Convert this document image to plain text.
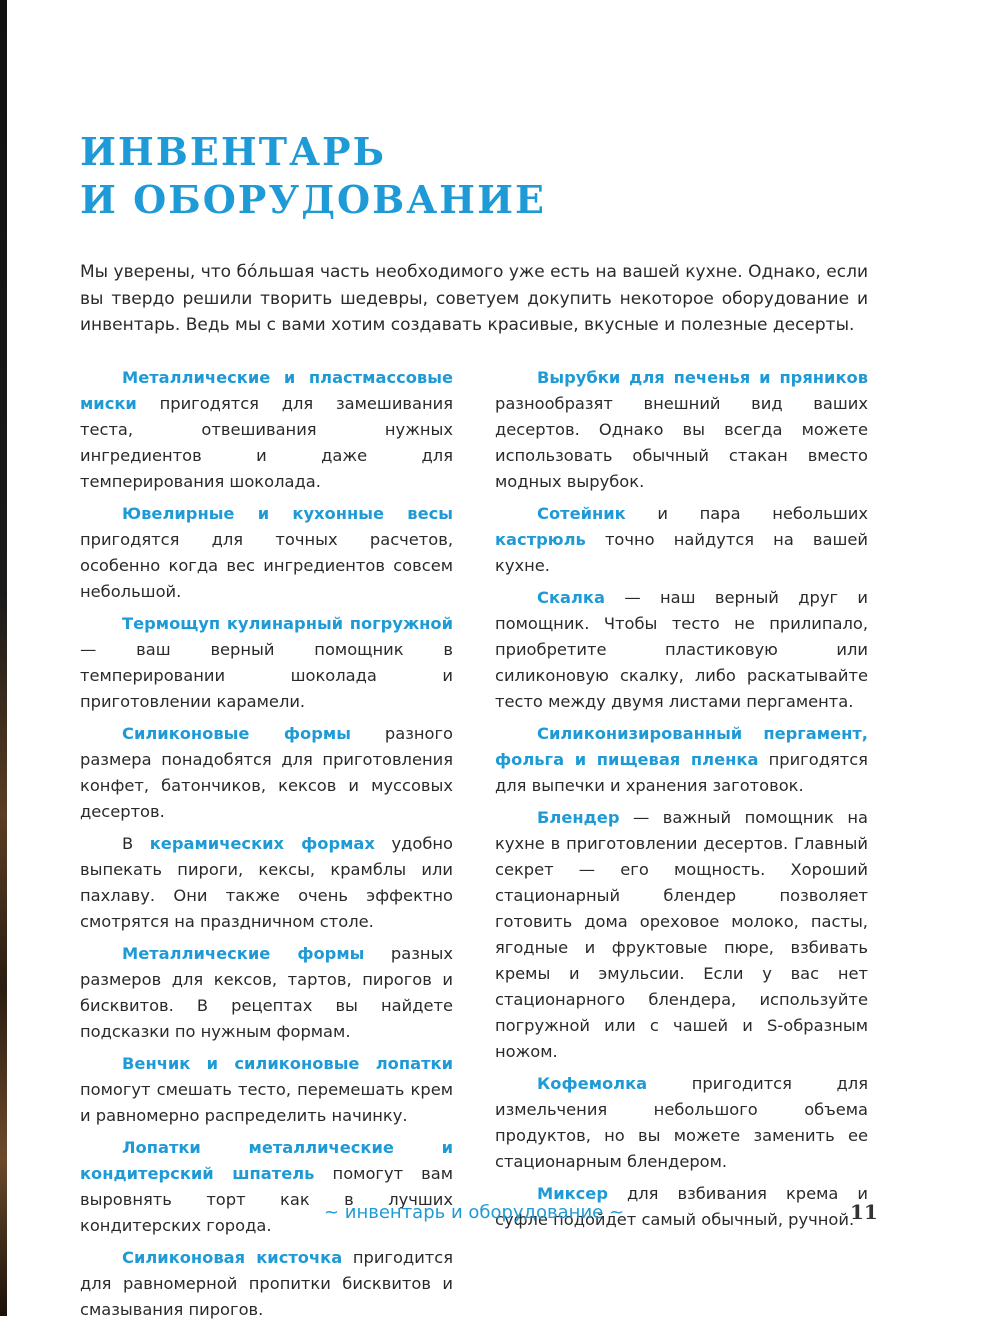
ИНВЕНТАРЬ
И ОБОРУДОВАНИЕ

Мы уверены, что бóльшая часть необходимого уже есть на вашей кухне. Однако, если вы твердо решили творить шедевры, советуем докупить некоторое оборудование и инвентарь. Ведь мы с вами хотим создавать красивые, вкусные и полезные десерты.

Металлические и пластмассовые миски пригодятся для замешивания теста, отвешивания нужных ингредиентов и даже для темперирования шоколада.

Ювелирные и кухонные весы пригодятся для точных расчетов, особенно когда вес ингредиентов совсем небольшой.

Термощуп кулинарный погружной — ваш верный помощник в темперировании шоколада и приготовлении карамели.

Силиконовые формы разного размера понадобятся для приготовления конфет, батончиков, кексов и муссовых десертов.

В керамических формах удобно выпекать пироги, кексы, крамблы или пахлаву. Они также очень эффектно смотрятся на праздничном столе.

Металлические формы разных размеров для кексов, тартов, пирогов и бисквитов. В рецептах вы найдете подсказки по нужным формам.

Венчик и силиконовые лопатки помогут смешать тесто, перемешать крем и равномерно распределить начинку.

Лопатки металлические и кондитерский шпатель помогут вам выровнять торт как в лучших кондитерских города.

Силиконовая кисточка пригодится для равномерной пропитки бисквитов и смазывания пирогов.

Вырубки для печенья и пряников разнообразят внешний вид ваших десертов. Однако вы всегда можете использовать обычный стакан вместо модных вырубок.

Сотейник и пара небольших кастрюль точно найдутся на вашей кухне.

Скалка — наш верный друг и помощник. Чтобы тесто не прилипало, приобретите пластиковую или силиконовую скалку, либо раскатывайте тесто между двумя листами пергамента.

Силиконизированный пергамент, фольга и пищевая пленка пригодятся для выпечки и хранения заготовок.

Блендер — важный помощник на кухне в приготовлении десертов. Главный секрет — его мощность. Хороший стационарный блендер позволяет готовить дома ореховое молоко, пасты, ягодные и фруктовые пюре, взбивать кремы и эмульсии. Если у вас нет стационарного блендера, используйте погружной или с чашей и S-образным ножом.

Кофемолка пригодится для измельчения небольшого объема продуктов, но вы можете заменить ее стационарным блендером.

Миксер для взбивания крема и суфле подойдет самый обычный, ручной.

~ инвентарь и оборудование ~	11
